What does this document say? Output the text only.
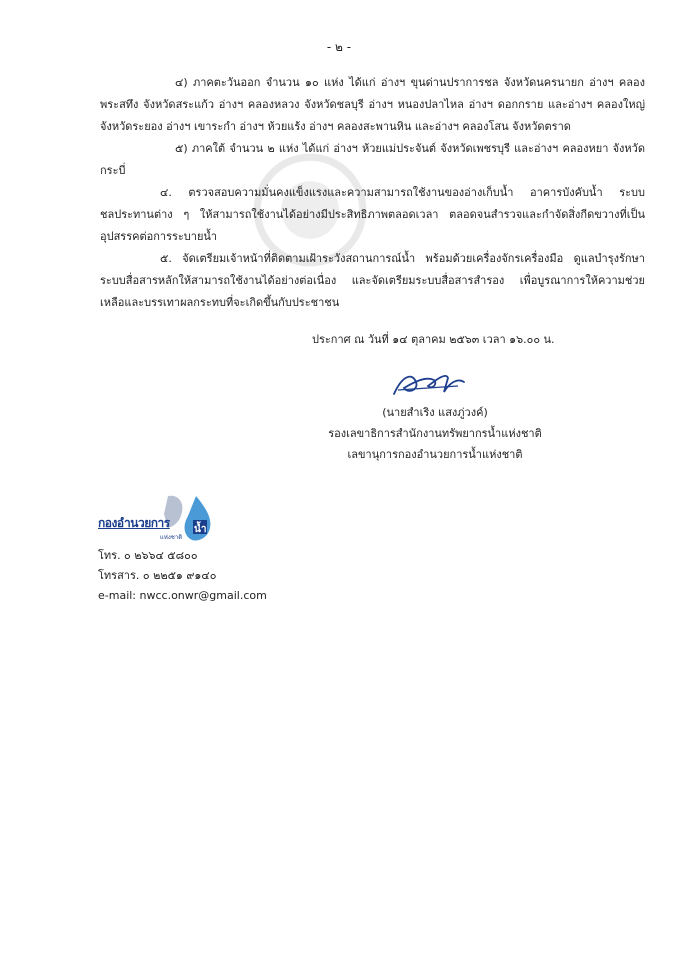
- ๒ -

๔) ภาคตะวันออก จำนวน ๑๐ แห่ง ได้แก่ อ่างฯ ขุนด่านปราการชล จังหวัดนครนายก อ่างฯ คลองพระสทึง จังหวัดสระแก้ว อ่างฯ คลองหลวง จังหวัดชลบุรี อ่างฯ หนองปลาไหล อ่างฯ ดอกกราย และอ่างฯ คลองใหญ่ จังหวัดระยอง อ่างฯ เขาระกำ อ่างฯ ห้วยแร้ง อ่างฯ คลองสะพานหิน และอ่างฯ คลองโสน จังหวัดตราด

๕) ภาคใต้ จำนวน ๒ แห่ง ได้แก่ อ่างฯ ห้วยแม่ประจันต์ จังหวัดเพชรบุรี และอ่างฯ คลองหยา จังหวัดกระบี่

๔. ตรวจสอบความมั่นคงแข็งแรงและความสามารถใช้งานของอ่างเก็บน้ำ อาคารบังคับน้ำ ระบบชลประทานต่าง ๆ ให้สามารถใช้งานได้อย่างมีประสิทธิภาพตลอดเวลา ตลอดจนสำรวจและกำจัดสิ่งกีดขวางที่เป็นอุปสรรคต่อการระบายน้ำ

๕. จัดเตรียมเจ้าหน้าที่ติดตามเฝ้าระวังสถานการณ์น้ำ พร้อมด้วยเครื่องจักรเครื่องมือ ดูแลบำรุงรักษาระบบสื่อสารหลักให้สามารถใช้งานได้อย่างต่อเนื่อง และจัดเตรียมระบบสื่อสารสำรอง เพื่อบูรณาการให้ความช่วยเหลือและบรรเทาผลกระทบที่จะเกิดขึ้นกับประชาชน

ประกาศ ณ วันที่ ๑๔ ตุลาคม ๒๕๖๓ เวลา ๑๖.๐๐ น.
(นายสำเริง แสงภู่วงค์)
รองเลขาธิการสำนักงานทรัพยากรน้ำแห่งชาติ
เลขานุการกองอำนวยการน้ำแห่งชาติ
กองอำนวยการ
แห่งชาติ
น้ำ
โทร. ๐ ๒๖๖๔ ๕๘๐๐
โทรสาร. ๐ ๒๒๕๑ ๙๑๔๐
e-mail: nwcc.onwr@gmail.com
